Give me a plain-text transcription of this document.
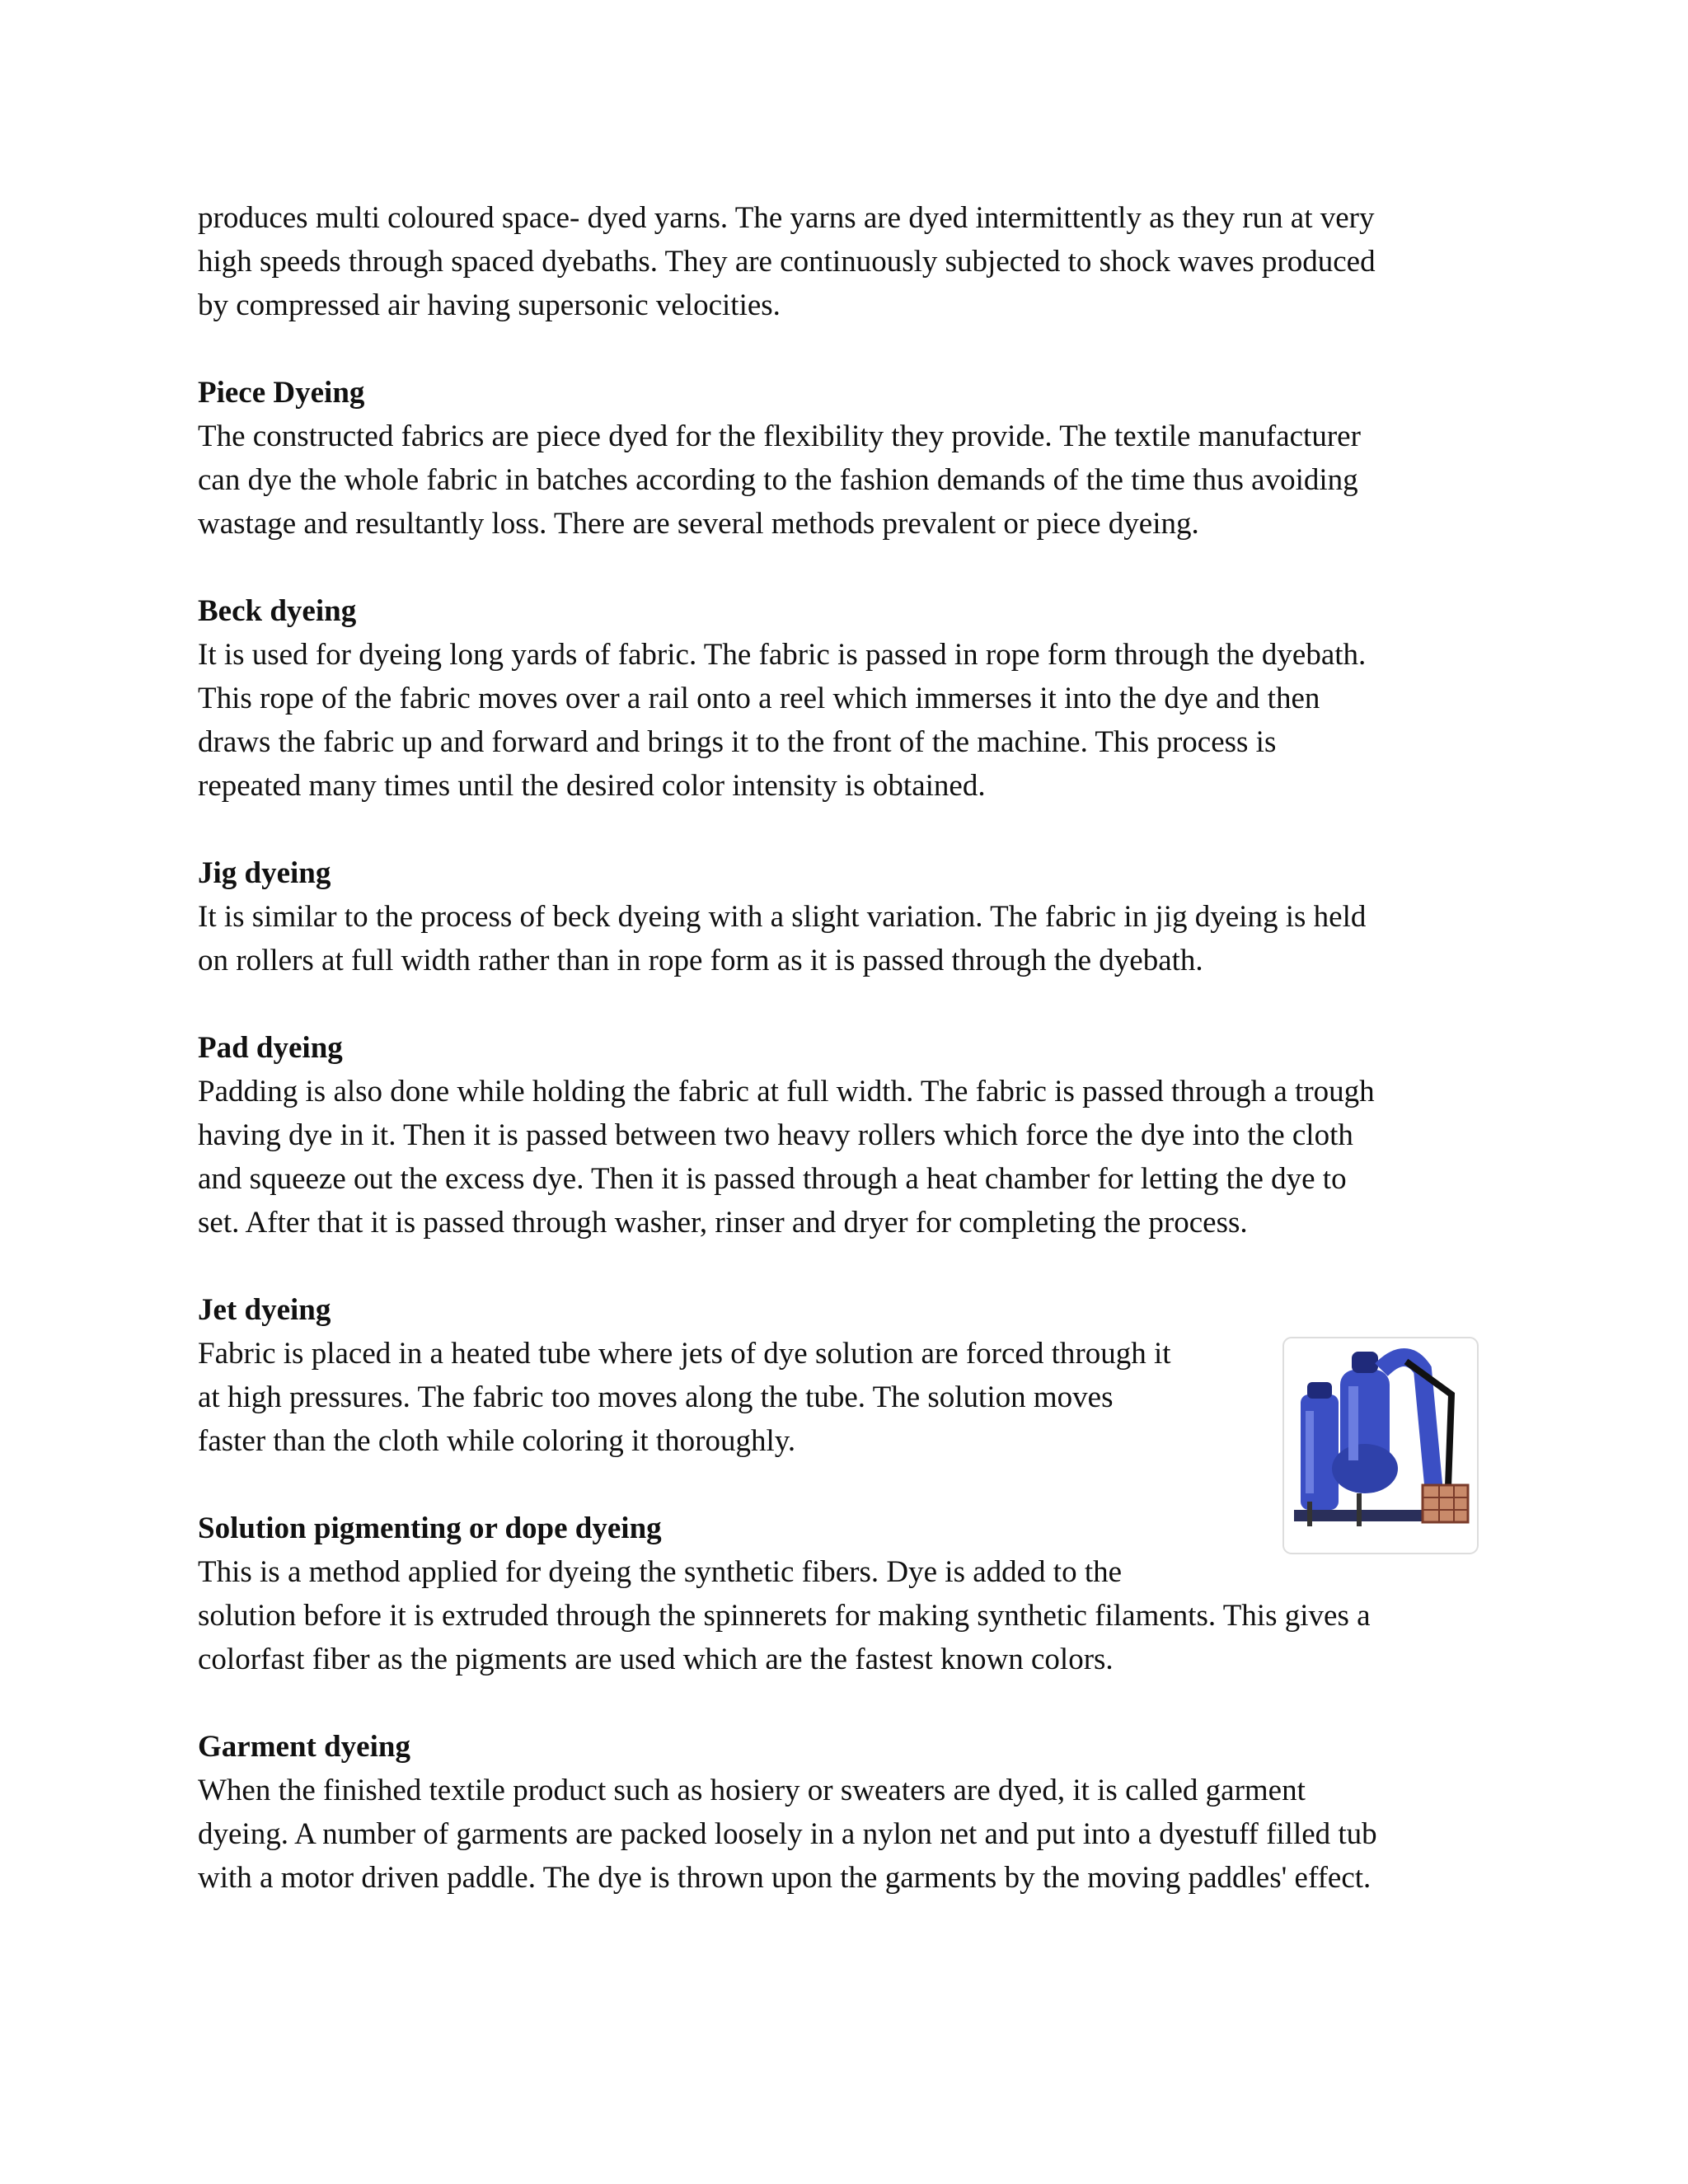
produces multi coloured space- dyed yarns. The yarns are dyed intermittently as they run at very

high speeds through spaced dyebaths. They are continuously subjected to shock waves produced

by compressed air having supersonic velocities.

Piece Dyeing

The constructed fabrics are piece dyed for the flexibility they provide. The textile manufacturer

can dye the whole fabric in batches according to the fashion demands of the time thus avoiding

wastage and resultantly loss. There are several methods prevalent or piece dyeing.

Beck dyeing

It is used for dyeing long yards of fabric. The fabric is passed in rope form through the dyebath.

This rope of the fabric moves over a rail onto a reel which immerses it into the dye and then

draws the fabric up and forward and brings it to the front of the machine. This process is

repeated many times until the desired color intensity is obtained.

Jig dyeing

It is similar to the process of beck dyeing with a slight variation. The fabric in jig dyeing is held

on rollers at full width rather than in rope form as it is passed through the dyebath.

Pad dyeing

Padding is also done while holding the fabric at full width. The fabric is passed through a trough

having dye in it. Then it is passed between two heavy rollers which force the dye into the cloth

and squeeze out the excess dye. Then it is passed through a heat chamber for letting the dye to

set. After that it is passed through washer, rinser and dryer for completing the process.

Jet dyeing

Fabric is placed in a heated tube where jets of dye solution are forced through it

at high pressures. The fabric too moves along the tube. The solution moves

faster than the cloth while coloring it thoroughly.

Solution pigmenting or dope dyeing

This is a method applied for dyeing the synthetic fibers. Dye is added to the

solution before it is extruded through the spinnerets for making synthetic filaments. This gives a

colorfast fiber as the pigments are used which are the fastest known colors.

Garment dyeing

When the finished textile product such as hosiery or sweaters are dyed, it is called garment

dyeing. A number of garments are packed loosely in a nylon net and put into a dyestuff filled tub

with a motor driven paddle. The dye is thrown upon the garments by the moving paddles' effect.
